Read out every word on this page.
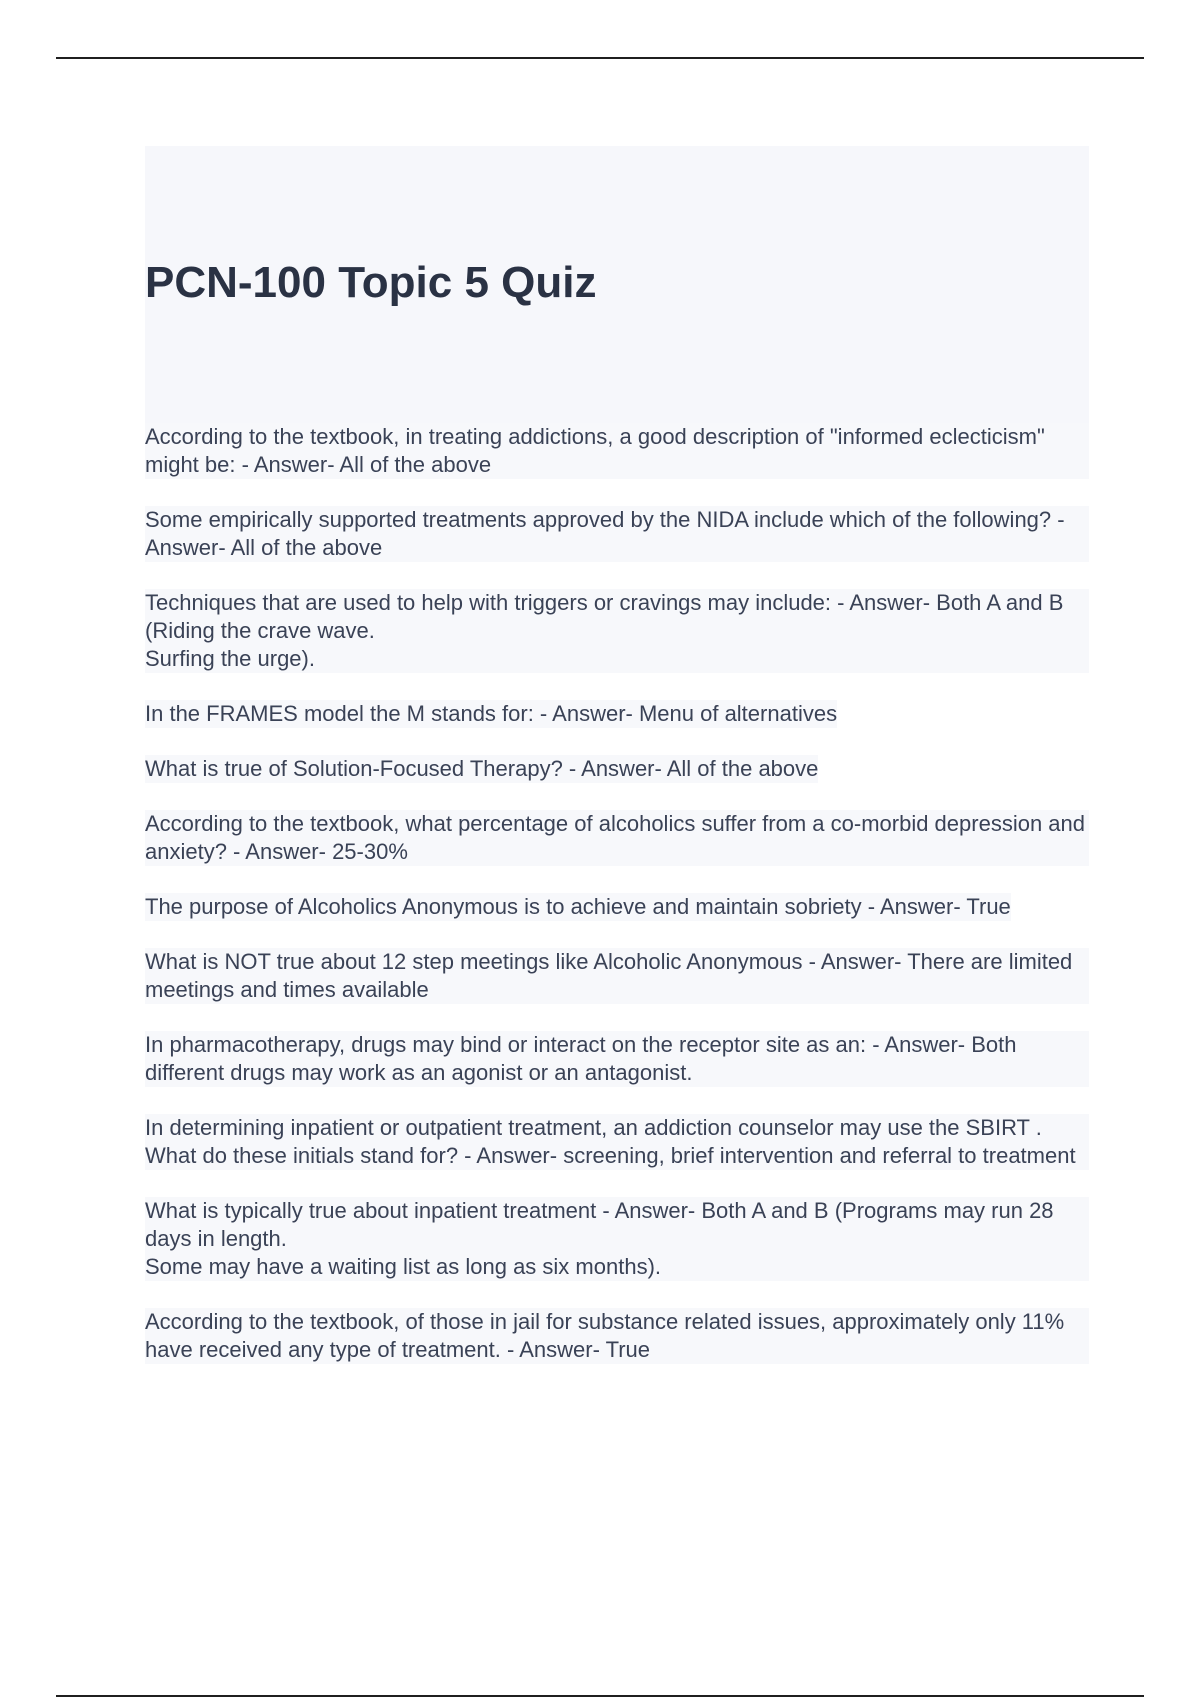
PCN-100 Topic 5 Quiz

According to the textbook, in treating addictions, a good description of "informed eclecticism" might be: - Answer- All of the above

Some empirically supported treatments approved by the NIDA include which of the following? - Answer- All of the above

Techniques that are used to help with triggers or cravings may include: - Answer- Both A and B (Riding the crave wave.
Surfing the urge).

In the FRAMES model the M stands for: - Answer- Menu of alternatives

What is true of Solution-Focused Therapy? - Answer- All of the above

According to the textbook, what percentage of alcoholics suffer from a co-morbid depression and anxiety? - Answer- 25-30%

The purpose of Alcoholics Anonymous is to achieve and maintain sobriety - Answer- True

What is NOT true about 12 step meetings like Alcoholic Anonymous - Answer- There are limited meetings and times available

In pharmacotherapy, drugs may bind or interact on the receptor site as an: - Answer- Both different drugs may work as an agonist or an antagonist.

In determining inpatient or outpatient treatment, an addiction counselor may use the SBIRT . What do these initials stand for? - Answer- screening, brief intervention and referral to treatment

What is typically true about inpatient treatment - Answer- Both A and B (Programs may run 28 days in length.
Some may have a waiting list as long as six months).

According to the textbook, of those in jail for substance related issues, approximately only 11% have received any type of treatment. - Answer- True
